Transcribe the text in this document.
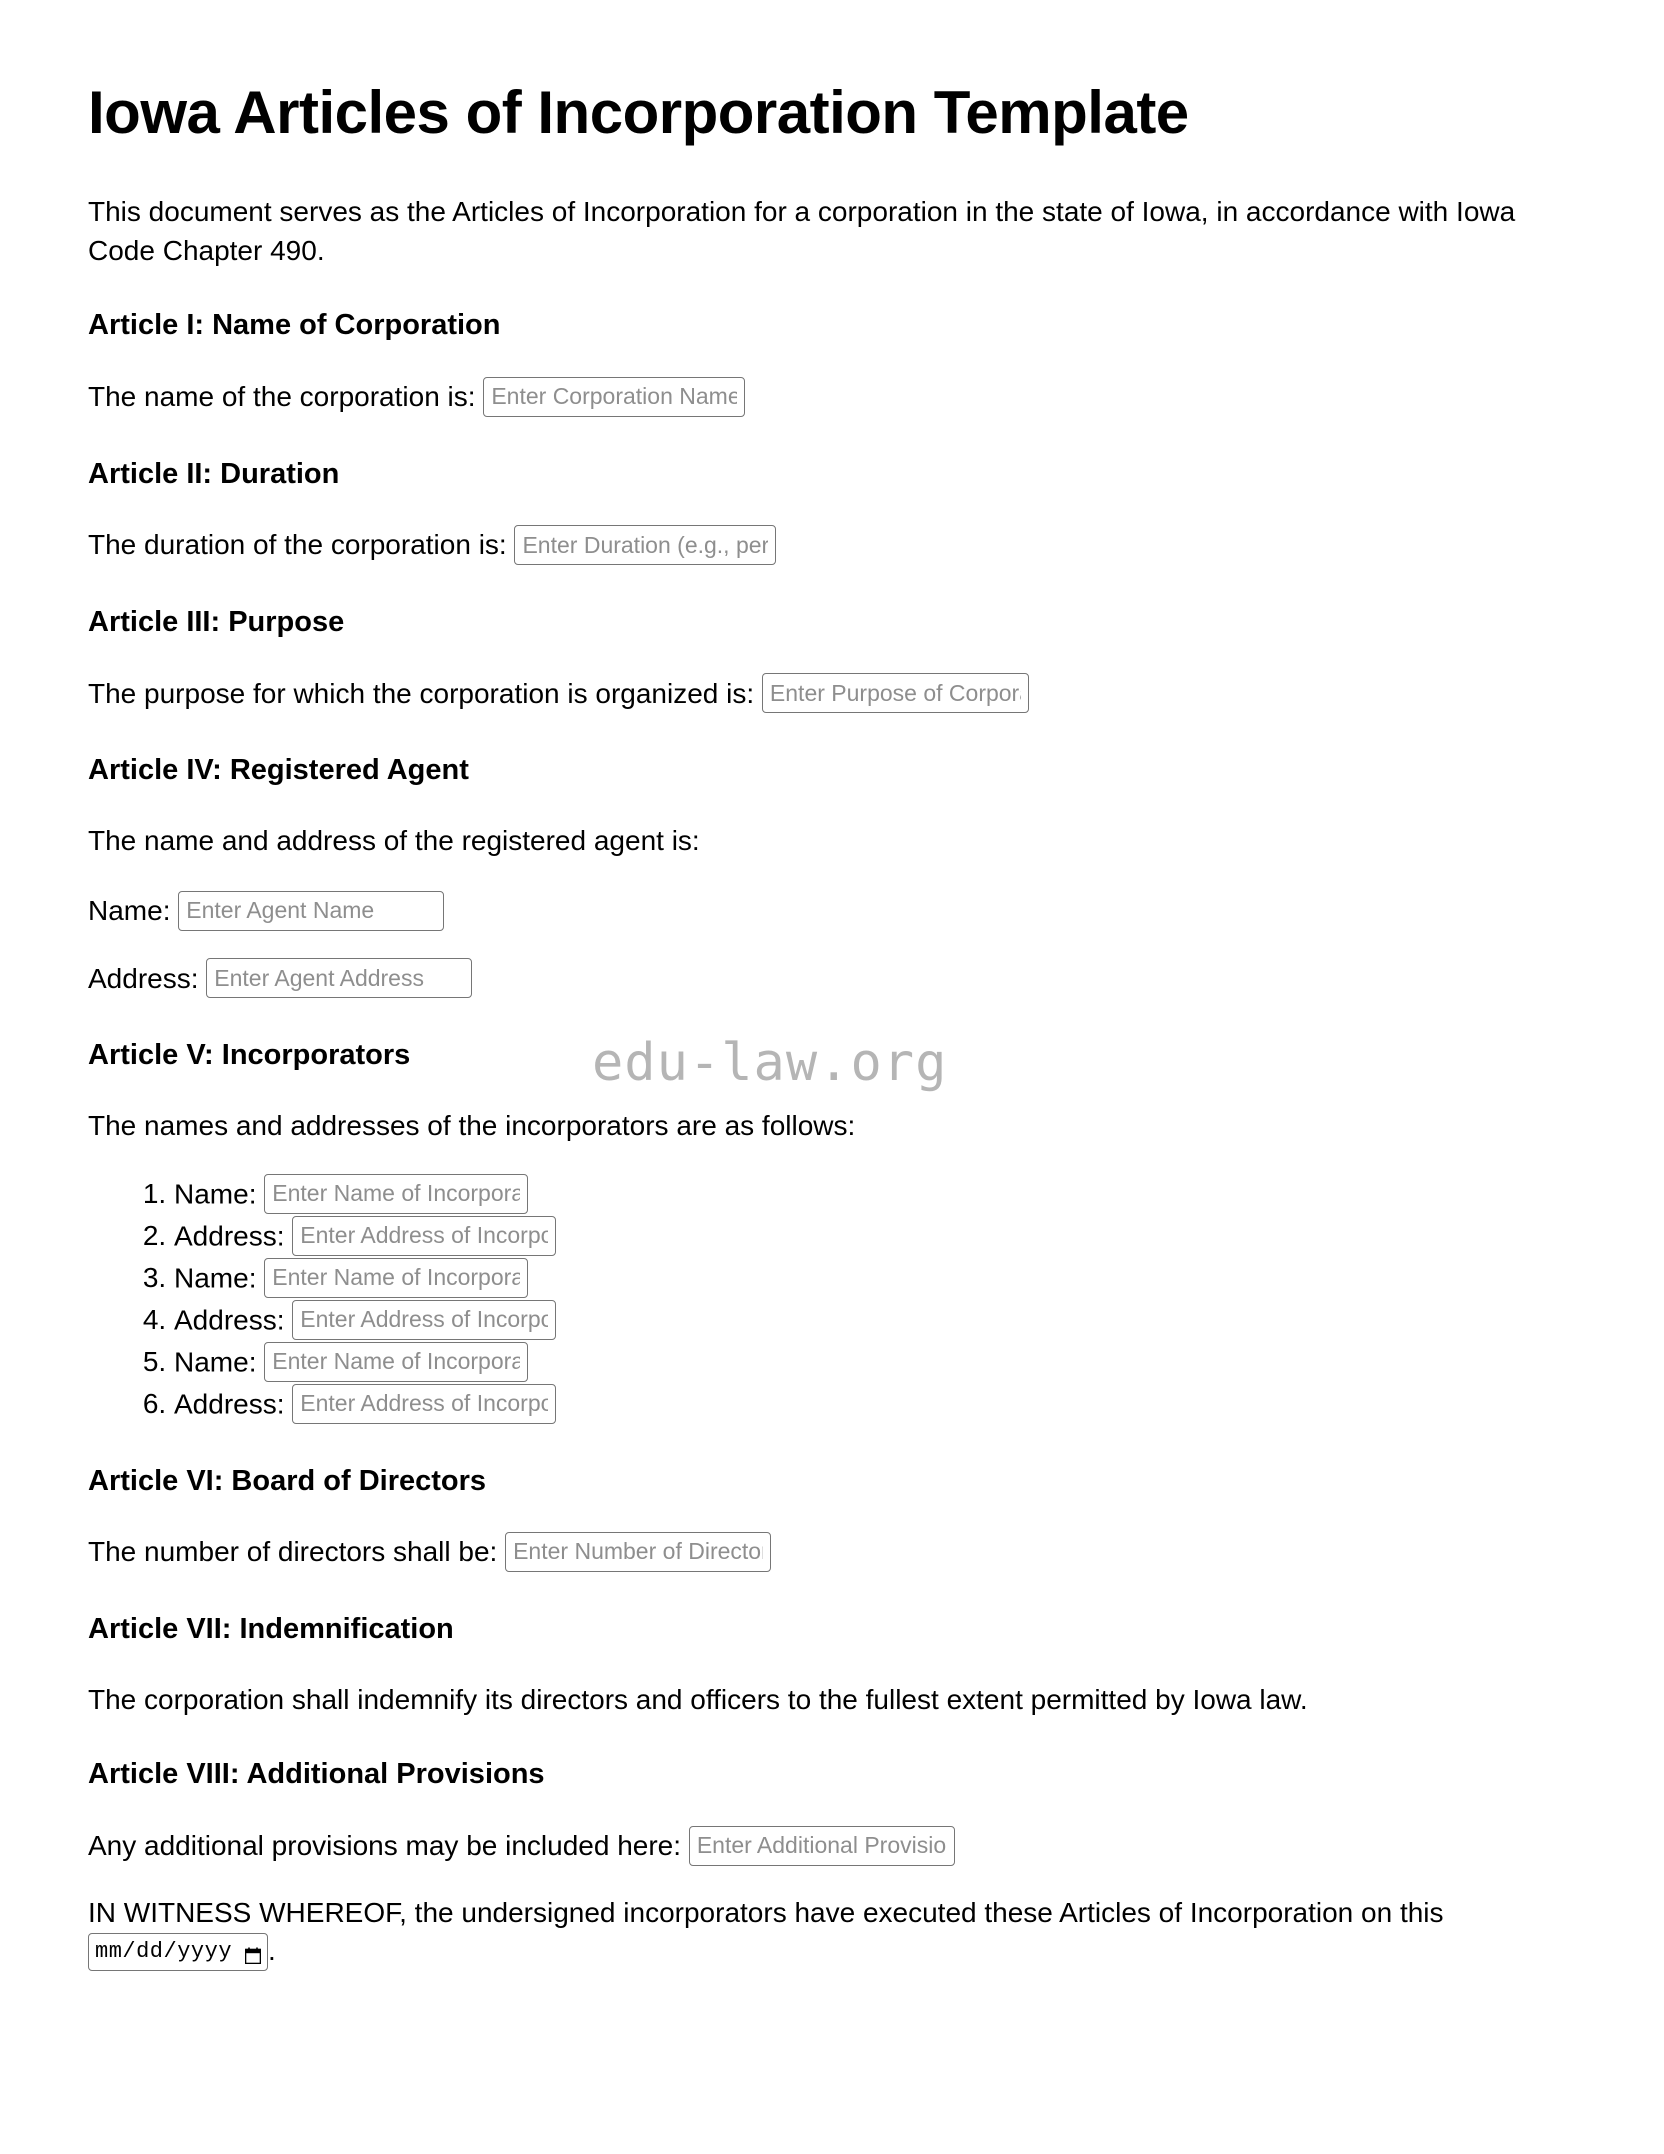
edu-law.org
Iowa Articles of Incorporation Template

This document serves as the Articles of Incorporation for a corporation in the state of Iowa, in accordance with Iowa Code Chapter 490.

Article I: Name of Corporation

The name of the corporation is: Enter Corporation Name

Article II: Duration

The duration of the corporation is: Enter Duration (e.g., perpetual)

Article III: Purpose

The purpose for which the corporation is organized is: Enter Purpose of Corporation

Article IV: Registered Agent

The name and address of the registered agent is:

Name: Enter Agent Name

Address: Enter Agent Address

Article V: Incorporators

The names and addresses of the incorporators are as follows:

1. Name: Enter Name of Incorporator
2. Address: Enter Address of Incorporator
3. Name: Enter Name of Incorporator
4. Address: Enter Address of Incorporator
5. Name: Enter Name of Incorporator
6. Address: Enter Address of Incorporator
Article VI: Board of Directors

The number of directors shall be: Enter Number of Directors

Article VII: Indemnification

The corporation shall indemnify its directors and officers to the fullest extent permitted by Iowa law.

Article VIII: Additional Provisions

Any additional provisions may be included here: Enter Additional Provisions

IN WITNESS WHEREOF, the undersigned incorporators have executed these Articles of Incorporation on this
mm/dd/yyyy .
